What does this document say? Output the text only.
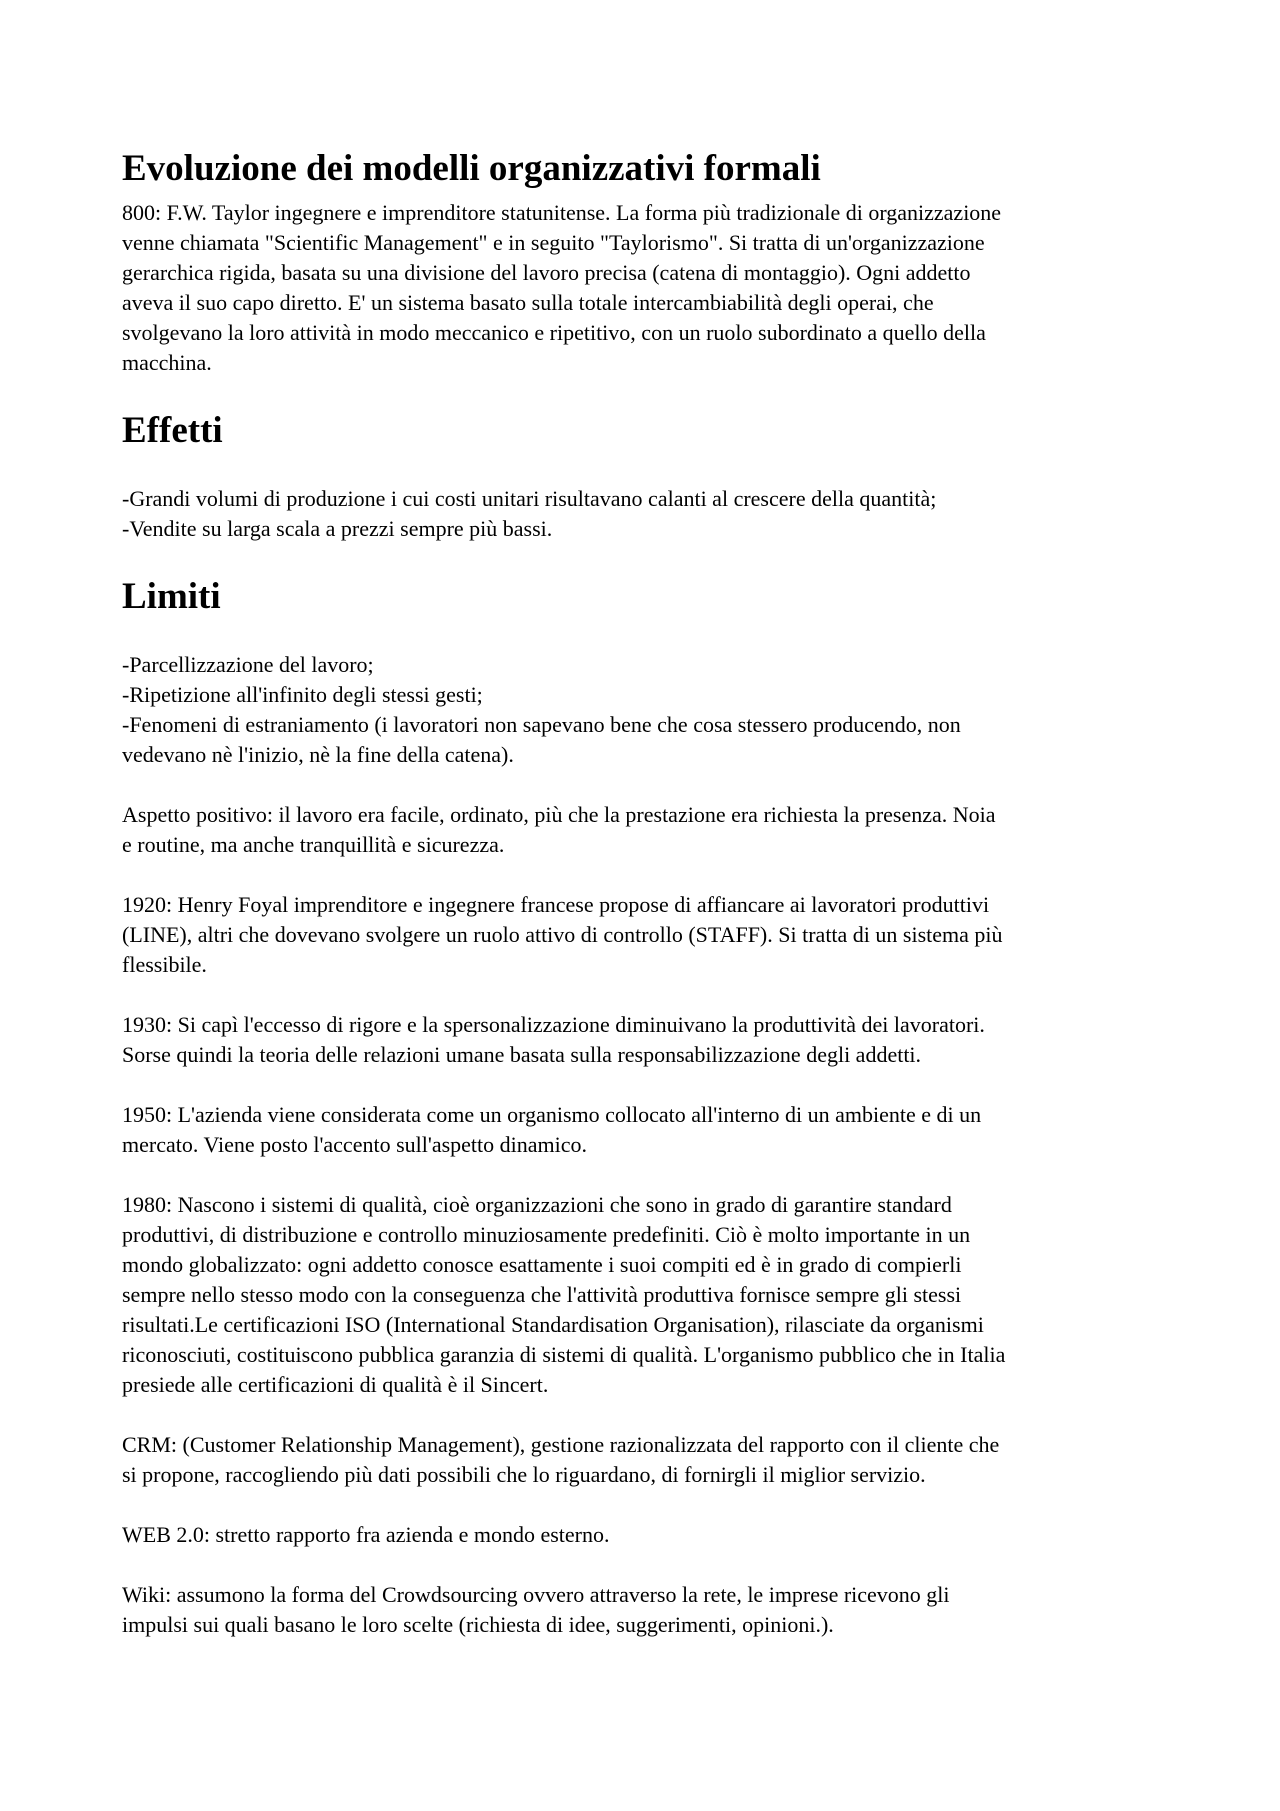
Evoluzione dei modelli organizzativi formali

800: F.W. Taylor ingegnere e imprenditore statunitense. La forma più tradizionale di organizzazione
venne chiamata "Scientific Management" e in seguito "Taylorismo". Si tratta di un'organizzazione
gerarchica rigida, basata su una divisione del lavoro precisa (catena di montaggio). Ogni addetto
aveva il suo capo diretto. E' un sistema basato sulla totale intercambiabilità degli operai, che
svolgevano la loro attività in modo meccanico e ripetitivo, con un ruolo subordinato a quello della
macchina.

Effetti

-Grandi volumi di produzione i cui costi unitari risultavano calanti al crescere della quantità;
-Vendite su larga scala a prezzi sempre più bassi.

Limiti

-Parcellizzazione del lavoro;
-Ripetizione all'infinito degli stessi gesti;
-Fenomeni di estraniamento (i lavoratori non sapevano bene che cosa stessero producendo, non
vedevano nè l'inizio, nè la fine della catena).

Aspetto positivo: il lavoro era facile, ordinato, più che la prestazione era richiesta la presenza. Noia
e routine, ma anche tranquillità e sicurezza.

1920: Henry Foyal imprenditore e ingegnere francese propose di affiancare ai lavoratori produttivi
(LINE), altri che dovevano svolgere un ruolo attivo di controllo (STAFF). Si tratta di un sistema più
flessibile.

1930: Si capì l'eccesso di rigore e la spersonalizzazione diminuivano la produttività dei lavoratori.
Sorse quindi la teoria delle relazioni umane basata sulla responsabilizzazione degli addetti.

1950: L'azienda viene considerata come un organismo collocato all'interno di un ambiente e di un
mercato. Viene posto l'accento sull'aspetto dinamico.

1980: Nascono i sistemi di qualità, cioè organizzazioni che sono in grado di garantire standard
produttivi, di distribuzione e controllo minuziosamente predefiniti. Ciò è molto importante in un
mondo globalizzato: ogni addetto conosce esattamente i suoi compiti ed è in grado di compierli
sempre nello stesso modo con la conseguenza che l'attività produttiva fornisce sempre gli stessi
risultati.Le certificazioni ISO (International Standardisation Organisation), rilasciate da organismi
riconosciuti, costituiscono pubblica garanzia di sistemi di qualità. L'organismo pubblico che in Italia
presiede alle certificazioni di qualità è il Sincert.

CRM: (Customer Relationship Management), gestione razionalizzata del rapporto con il cliente che
si propone, raccogliendo più dati possibili che lo riguardano, di fornirgli il miglior servizio.

WEB 2.0: stretto rapporto fra azienda e mondo esterno.

Wiki: assumono la forma del Crowdsourcing ovvero attraverso la rete, le imprese ricevono gli
impulsi sui quali basano le loro scelte (richiesta di idee, suggerimenti, opinioni.).
